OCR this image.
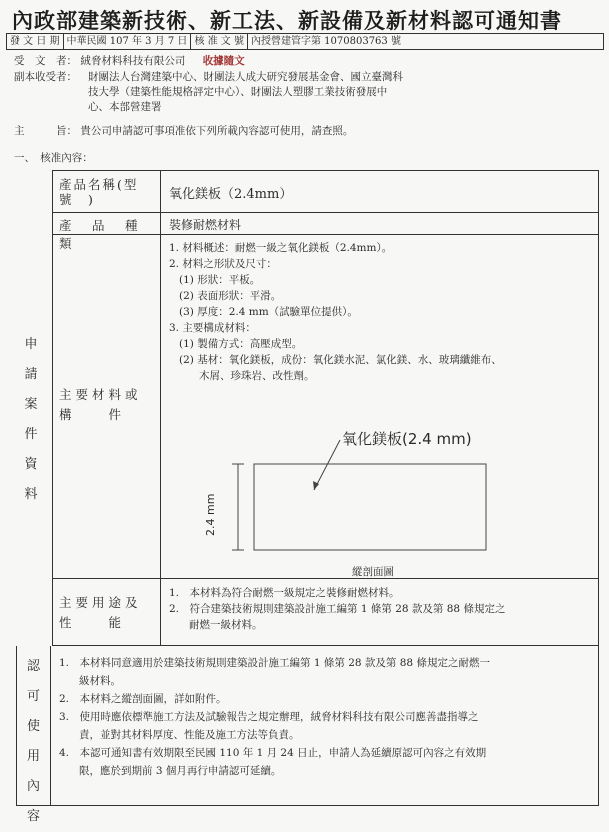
內政部建築新技術、新工法、新設備及新材料認可通知書
發 文 日 期 中華民國 107 年 3 月 7 日 核 准 文 號 內授營建管字第 1070803763 號
受　文　者： 絨脅材料科技有限公司 收據隨文
副本收受者： 財團法人台灣建築中心、財團法人成大研究發展基金會、國立臺灣科
技大學（建築性能規格評定中心）、財團法人塑膠工業技術發展中
心、本部營建署
主　　　旨： 貴公司申請認可事項准依下列所載內容認可使用，請查照。
一、　核准內容：
申
請
案
件
資
料
產品名稱(型號　)	氧化鎂板（2.4mm）
產　品　種　類
裝修耐燃材料
主要材料或構　　件
1. 材料概述：耐燃一級之氧化鎂板（2.4mm）。
2. 材料之形狀及尺寸：
(1) 形狀：平板。
(2) 表面形狀：平滑。
(3) 厚度：2.4 mm（試驗單位提供）。
3. 主要構成材料：
(1) 製備方式：高壓成型。
(2) 基材：氧化鎂板，成份：氧化鎂水泥、氯化鎂、水、玻璃纖維布、
木屑、珍珠岩、改性劑。
主要用途及性　　能
1.　本材料為符合耐燃一級規定之裝修耐燃材料。
2.　符合建築技術規則建築設計施工編第 1 條第 28 款及第 88 條規定之
耐燃一級材料。
氧化鎂板(2.4 mm)
2.4 mm
縱剖面圖
認
可
使
用
內
容
1.　本材料同意適用於建築技術規則建築設計施工編第 1 條第 28 款及第 88 條規定之耐燃一
級材料。
2.　本材料之縱剖面圖，詳如附件。
3.　使用時應依標準施工方法及試驗報告之規定辦理，絨脅材料科技有限公司應善盡指導之
責，並對其材料厚度、性能及施工方法等負責。
4.　本認可通知書有效期限至民國 110 年 1 月 24 日止，申請人為延續原認可內容之有效期
限，應於到期前 3 個月再行申請認可延續。
